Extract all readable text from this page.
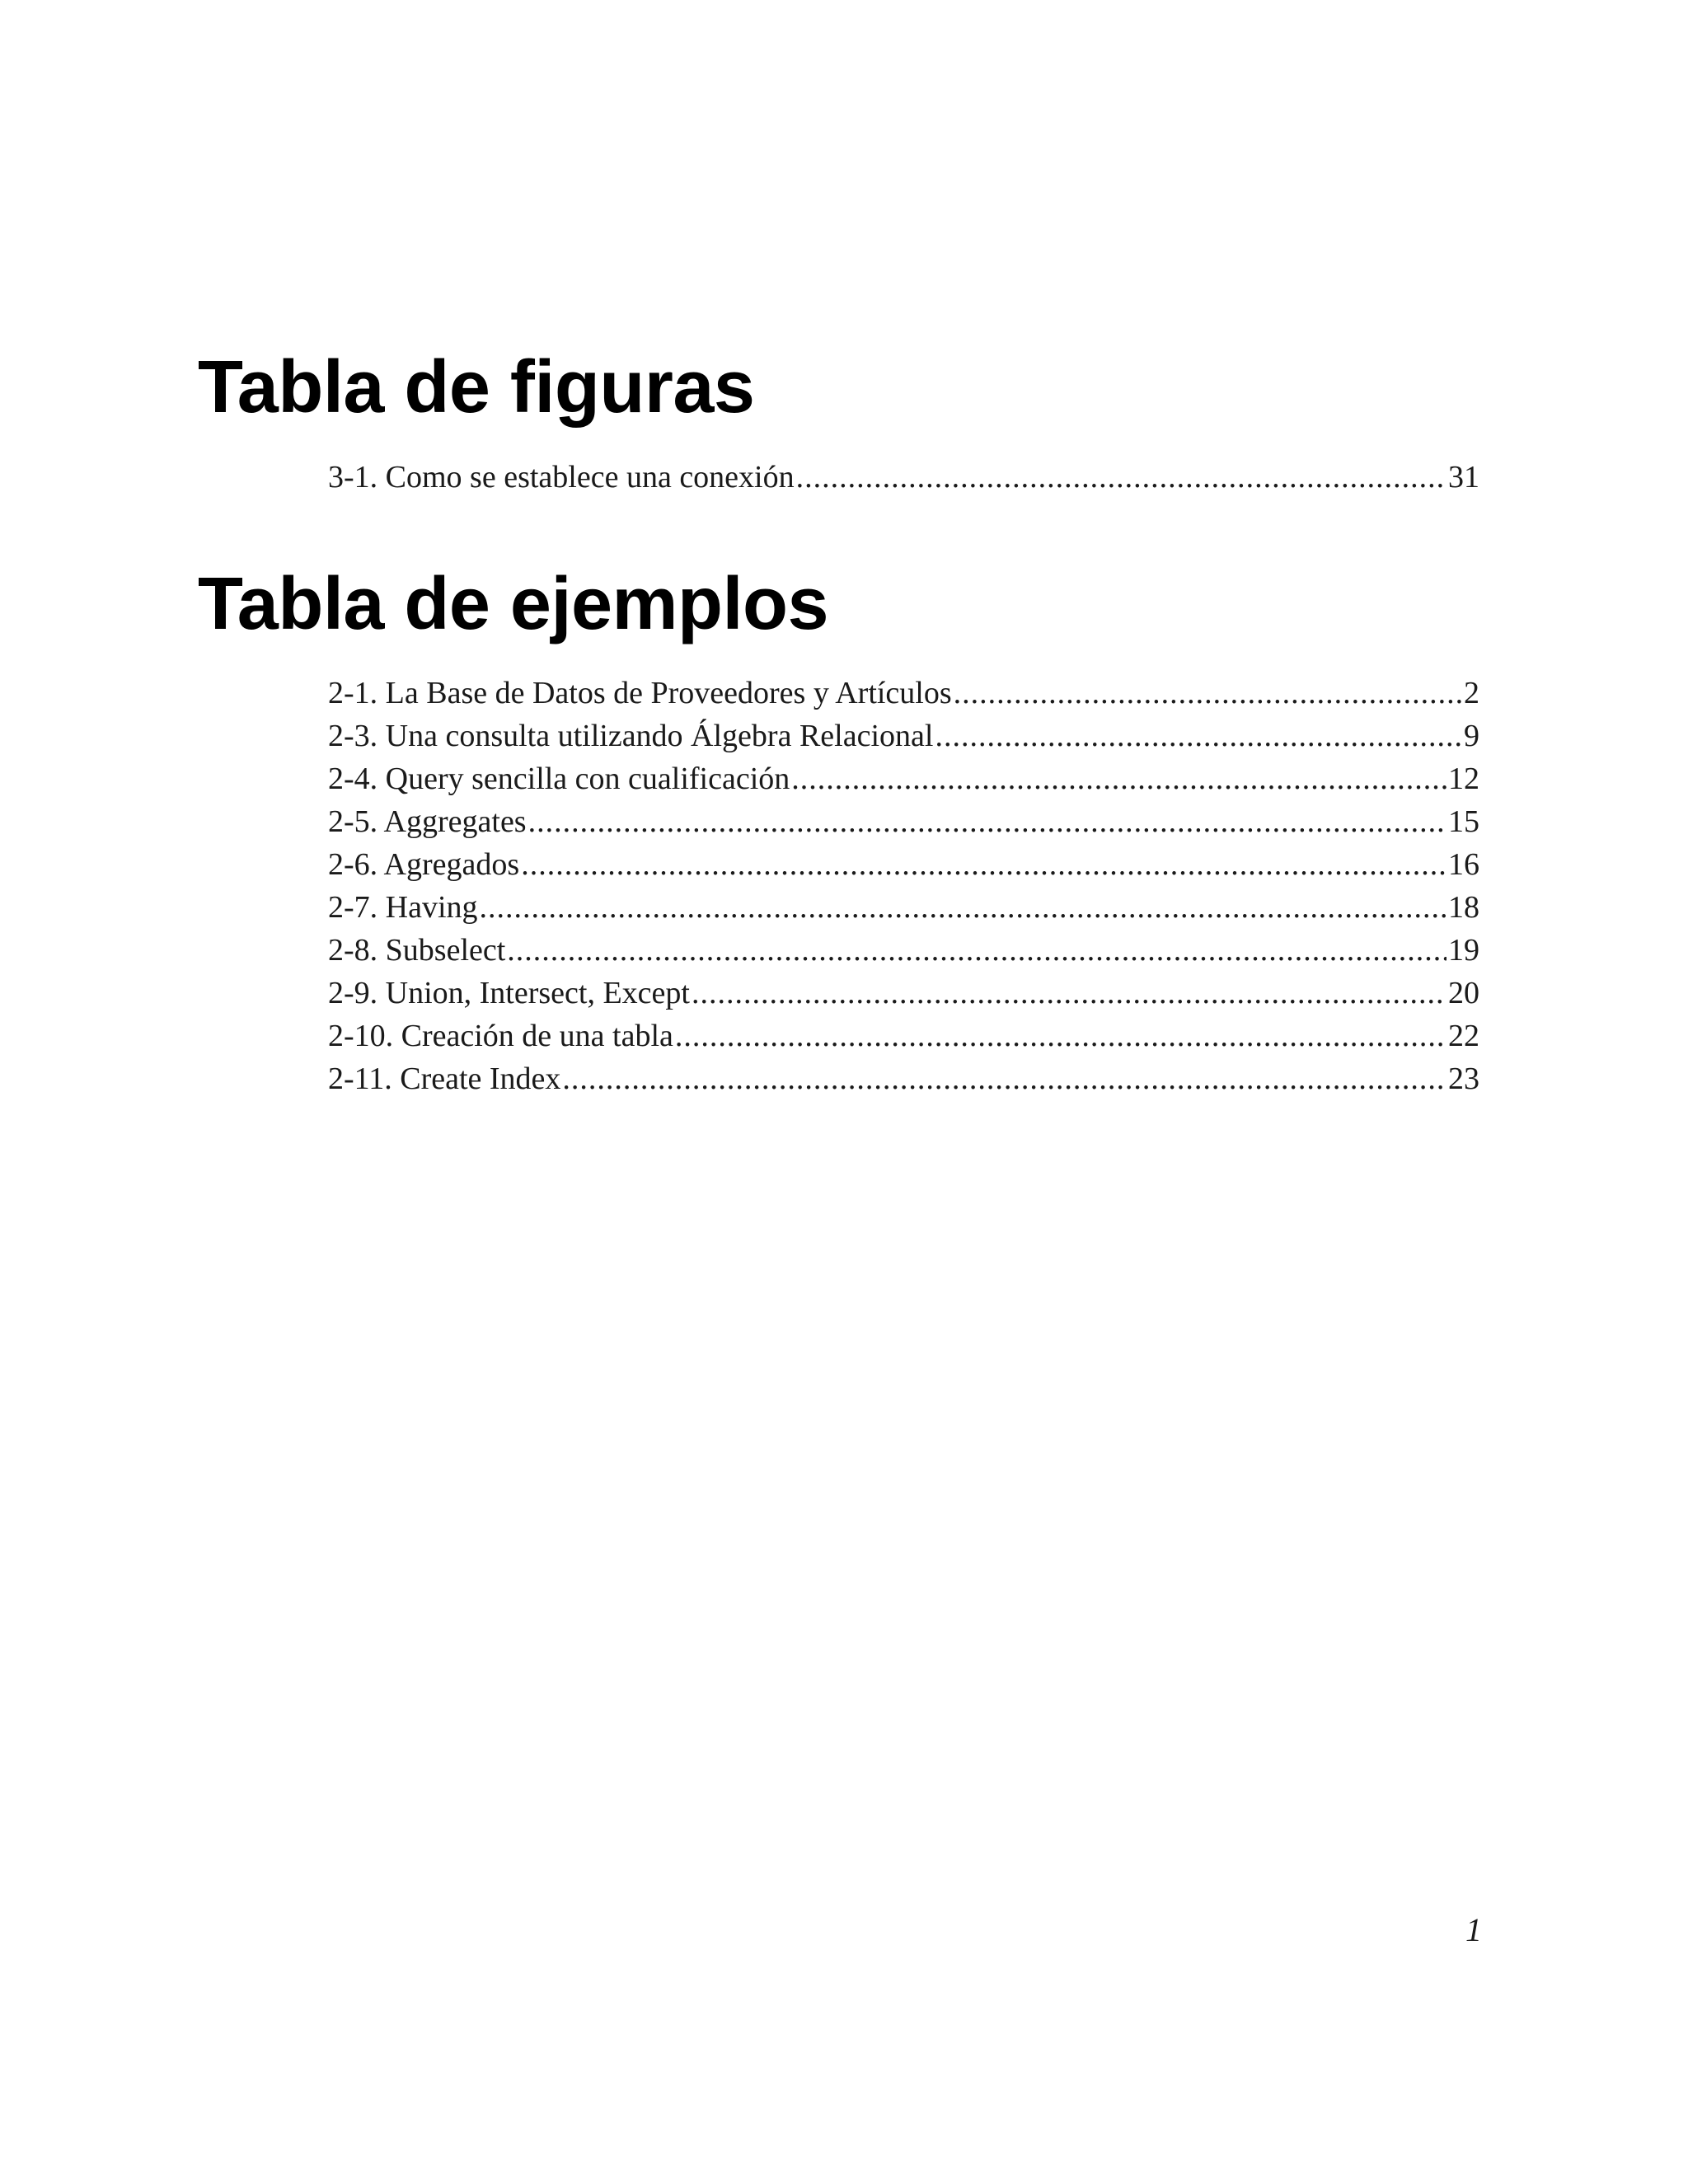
Tabla de figuras
3-1. Como se establece una conexión .....	31
Tabla de ejemplos
2-1. La Base de Datos de Proveedores y Artículos .....	2
2-3. Una consulta utilizando Álgebra Relacional .....	9
2-4. Query sencilla con cualificación .....	12
2-5. Aggregates .....	15
2-6. Agregados .....	16
2-7. Having .....	18
2-8. Subselect .....	19
2-9. Union, Intersect, Except .....	20
2-10. Creación de una tabla .....	22
2-11. Create Index .....	23
1
